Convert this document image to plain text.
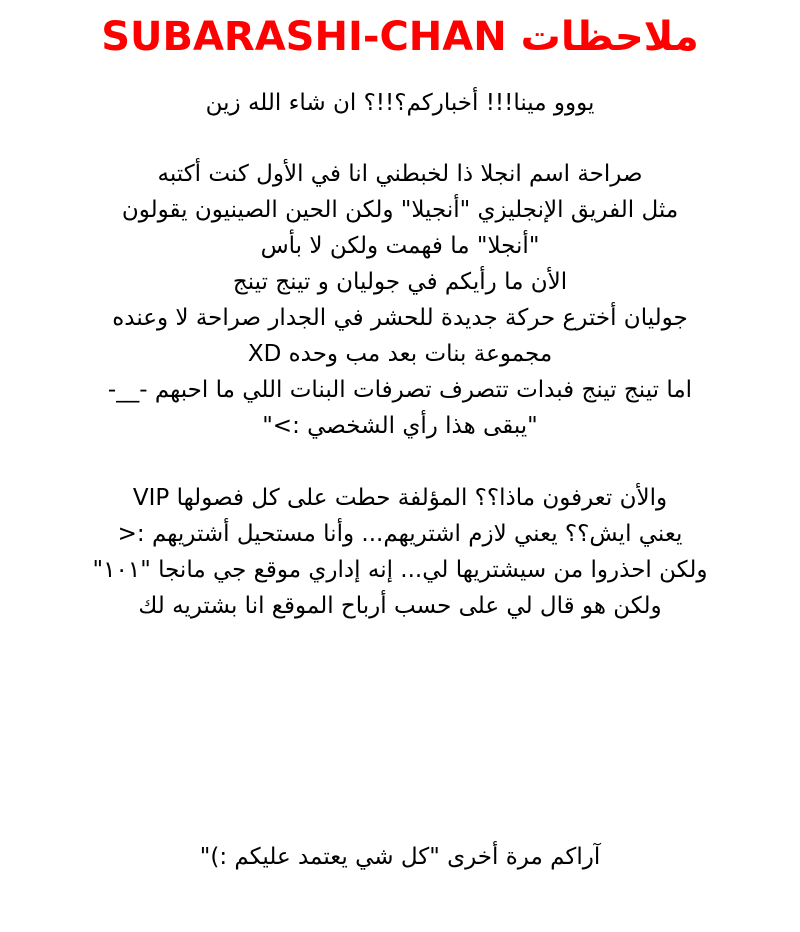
ملاحظات SUBARASHI-CHAN
يووو مينا!!! أخباركم؟!!؟ ان شاء الله زين
صراحة اسم انجلا ذا لخبطني انا في الأول كنت أكتبه
مثل الفريق الإنجليزي "أنجيلا" ولكن الحين الصينيون يقولون
"أنجلا" ما فهمت ولكن لا بأس
الأن ما رأيكم في جوليان و تينج تينج
جوليان أخترع حركة جديدة للحشر في الجدار صراحة لا وعنده
مجموعة بنات بعد مب وحده XD
اما تينج تينج فبدات تتصرف تصرفات البنات اللي ما احبهم -__-
"يبقى هذا رأي الشخصي :>"
والأن تعرفون ماذا؟؟ المؤلفة حطت على كل فصولها VIP
يعني ايش؟؟ يعني لازم اشتريهم... وأنا مستحيل أشتريهم :<
ولكن احذروا من سيشتريها لي... إنه إداري موقع جي مانجا "١٠١"
ولكن هو قال لي على حسب أرباح الموقع انا بشتريه لك
آراكم مرة أخرى "كل شي يعتمد عليكم :)"
